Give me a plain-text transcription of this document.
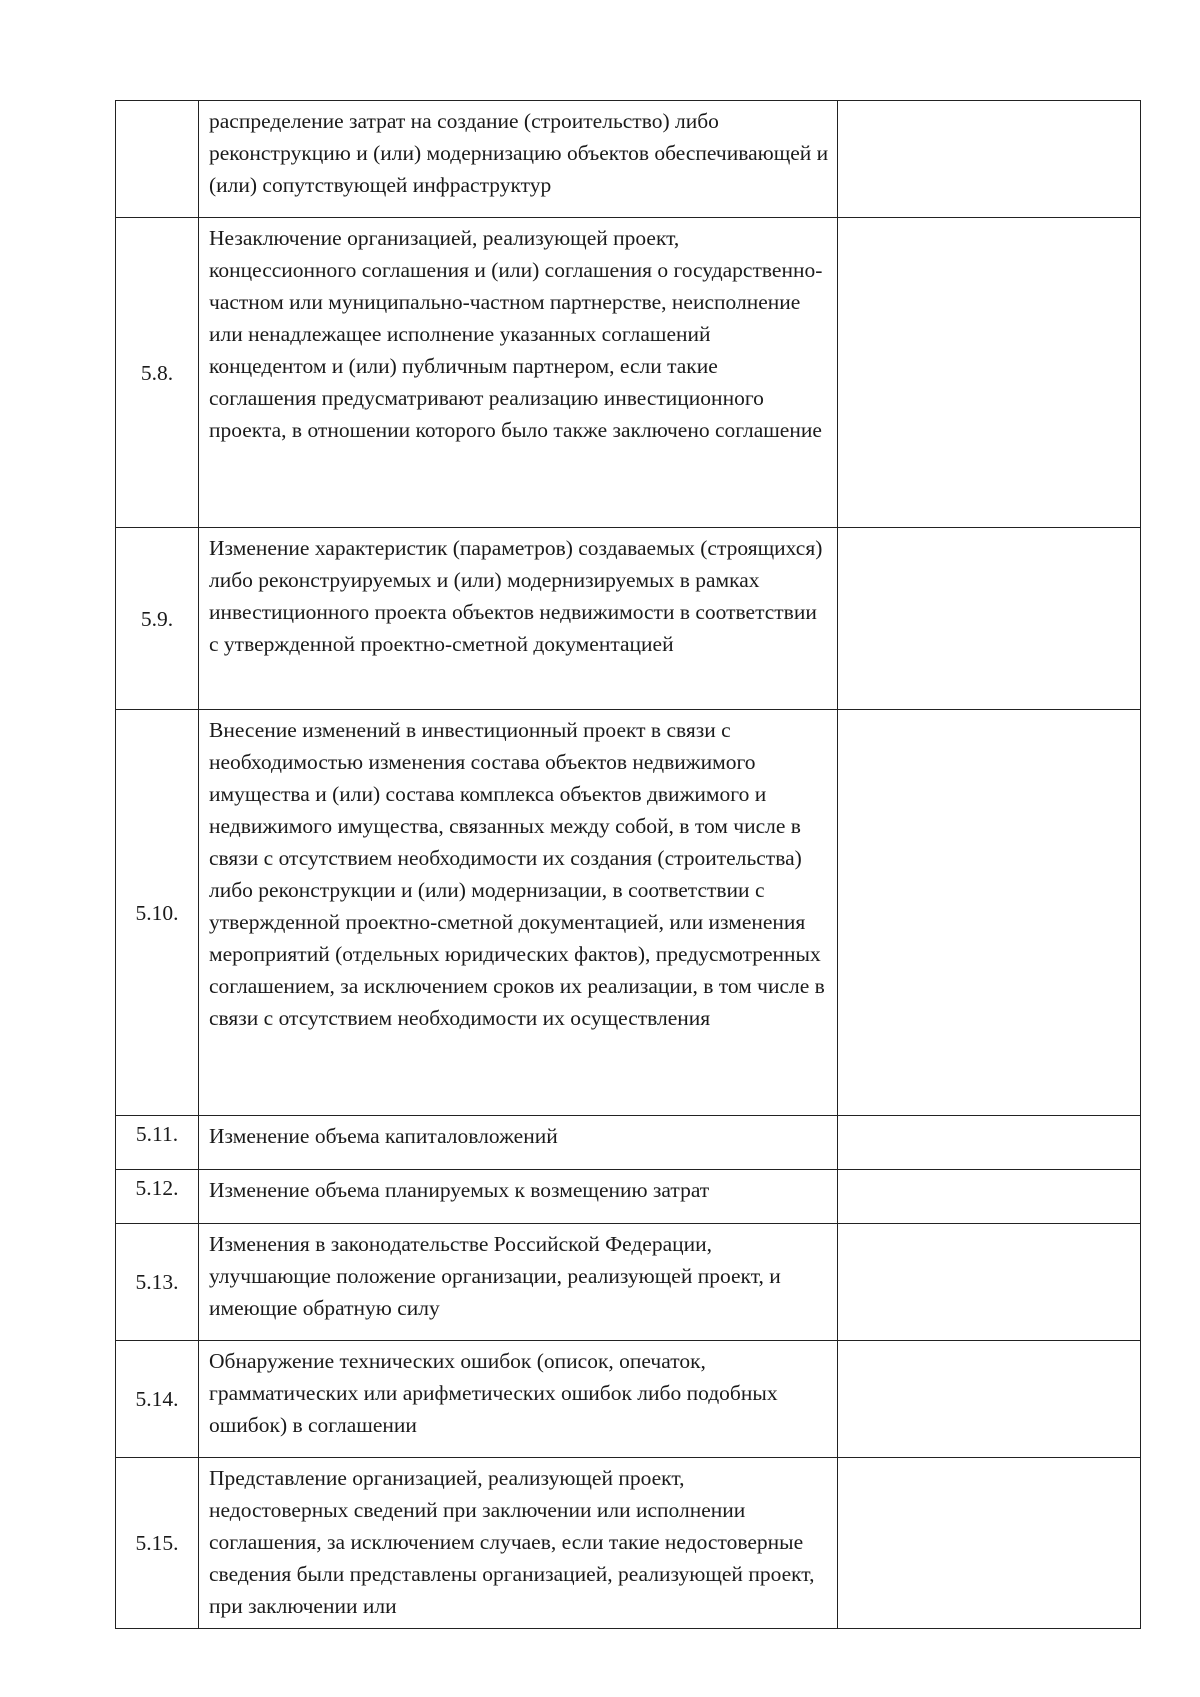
	распределение затрат на создание (строительство) либо реконструкцию и (или) модернизацию объектов обеспечивающей и (или) сопутствующей инфраструктур	

5.8.	Незаключение организацией, реализующей проект, концессионного соглашения и (или) соглашения о государственно-частном или муниципально-частном партнерстве, неисполнение или ненадлежащее исполнение указанных соглашений концедентом и (или) публичным партнером, если такие соглашения предусматривают реализацию инвестиционного проекта, в отношении которого было также заключено соглашение	

5.9.	Изменение характеристик (параметров) создаваемых (строящихся) либо реконструируемых и (или) модернизируемых в рамках инвестиционного проекта объектов недвижимости в соответствии с утвержденной проектно-сметной документацией	

5.10.	Внесение изменений в инвестиционный проект в связи с необходимостью изменения состава объектов недвижимого имущества и (или) состава комплекса объектов движимого и недвижимого имущества, связанных между собой, в том числе в связи с отсутствием необходимости их создания (строительства) либо реконструкции и (или) модернизации, в соответствии с утвержденной проектно-сметной документацией, или изменения мероприятий (отдельных юридических фактов), предусмотренных соглашением, за исключением сроков их реализации, в том числе в связи с отсутствием необходимости их осуществления	

5.11.	Изменение объема капиталовложений	

5.12.	Изменение объема планируемых к возмещению затрат	

5.13.	Изменения в законодательстве Российской Федерации, улучшающие положение организации, реализующей проект, и имеющие обратную силу	

5.14.	Обнаружение технических ошибок (описок, опечаток, грамматических или арифметических ошибок либо подобных ошибок) в соглашении	

5.15.	Представление организацией, реализующей проект, недостоверных сведений при заключении или исполнении соглашения, за исключением случаев, если такие недостоверные сведения были представлены организацией, реализующей проект, при заключении или	
